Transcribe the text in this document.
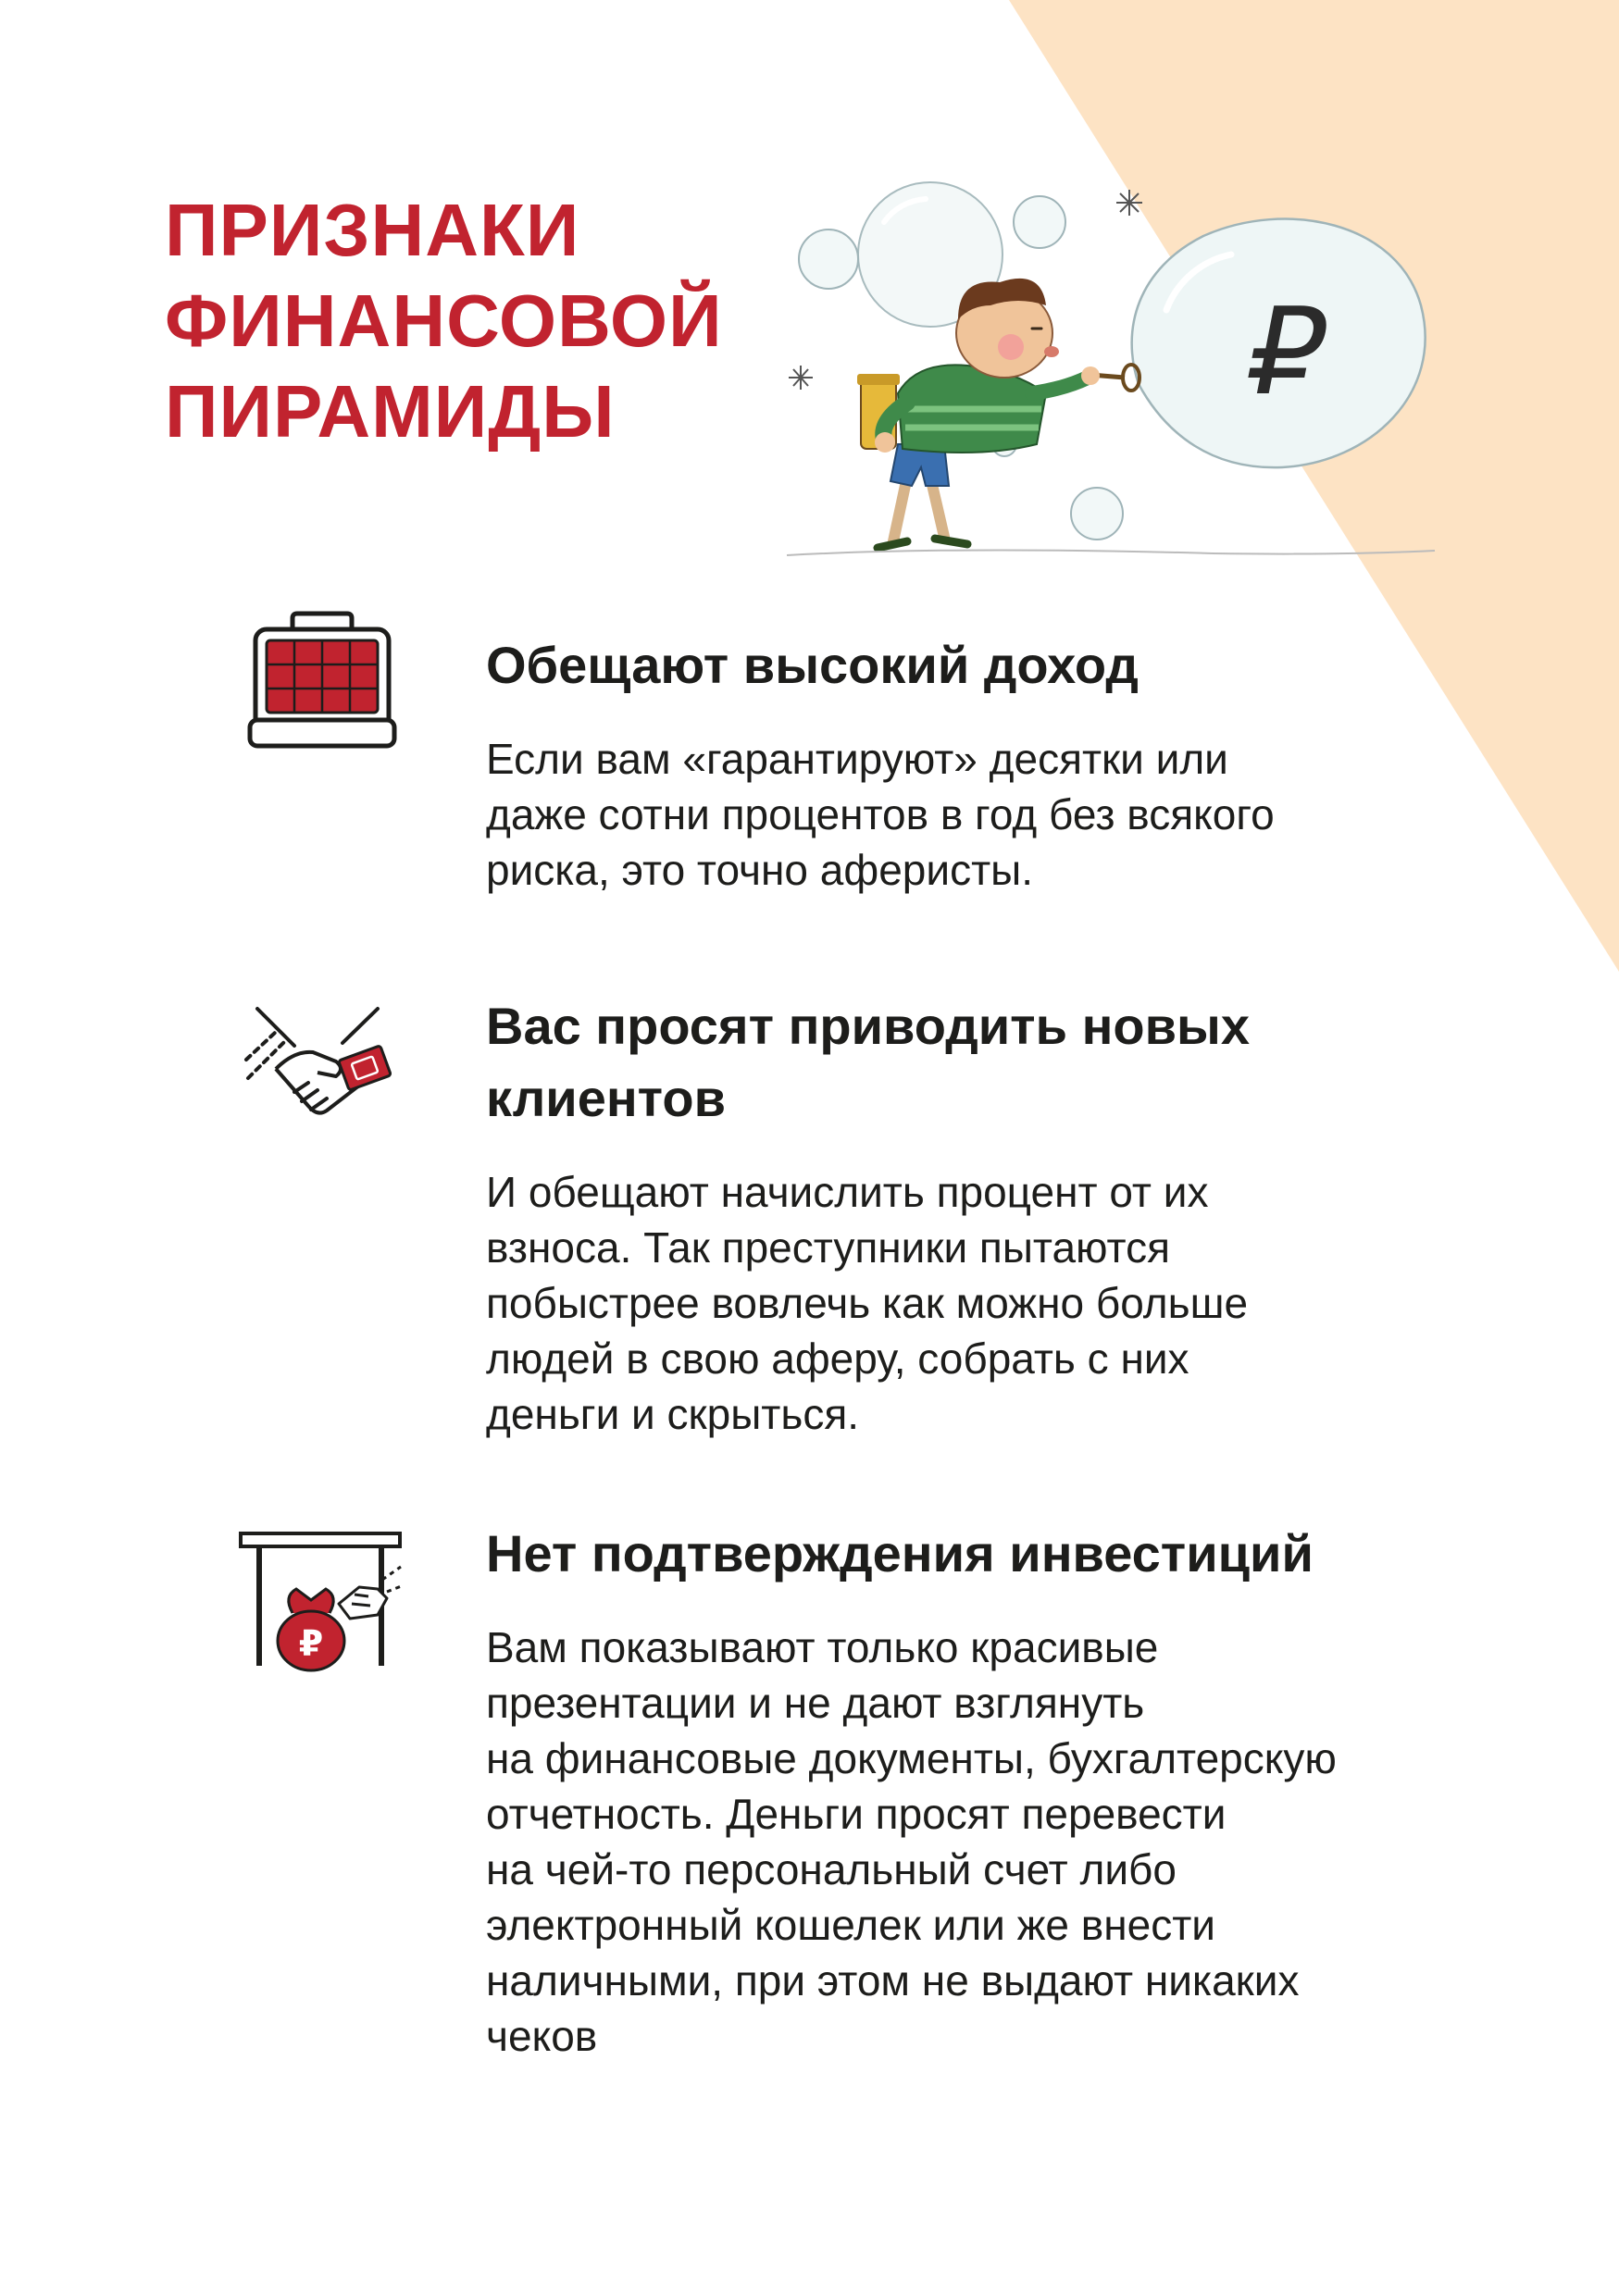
ПРИЗНАКИ
ФИНАНСОВОЙ
ПИРАМИДЫ	₽
Обещают высокий доход

Если вам «гарантируют» десятки или
даже сотни процентов в год без всякого
риска, это точно аферисты.

Вас просят приводить новых
клиентов

И обещают начислить процент от их
взноса. Так преступники пытаются
побыстрее вовлечь как можно больше
людей в свою аферу, собрать с них
деньги и скрыться.

₽
Нет подтверждения инвестиций

Вам показывают только красивые
презентации и не дают взглянуть
на финансовые документы, бухгалтерскую
отчетность. Деньги просят перевести
на чей-то персональный счет либо
электронный кошелек или же внести
наличными, при этом не выдают никаких
чеков
